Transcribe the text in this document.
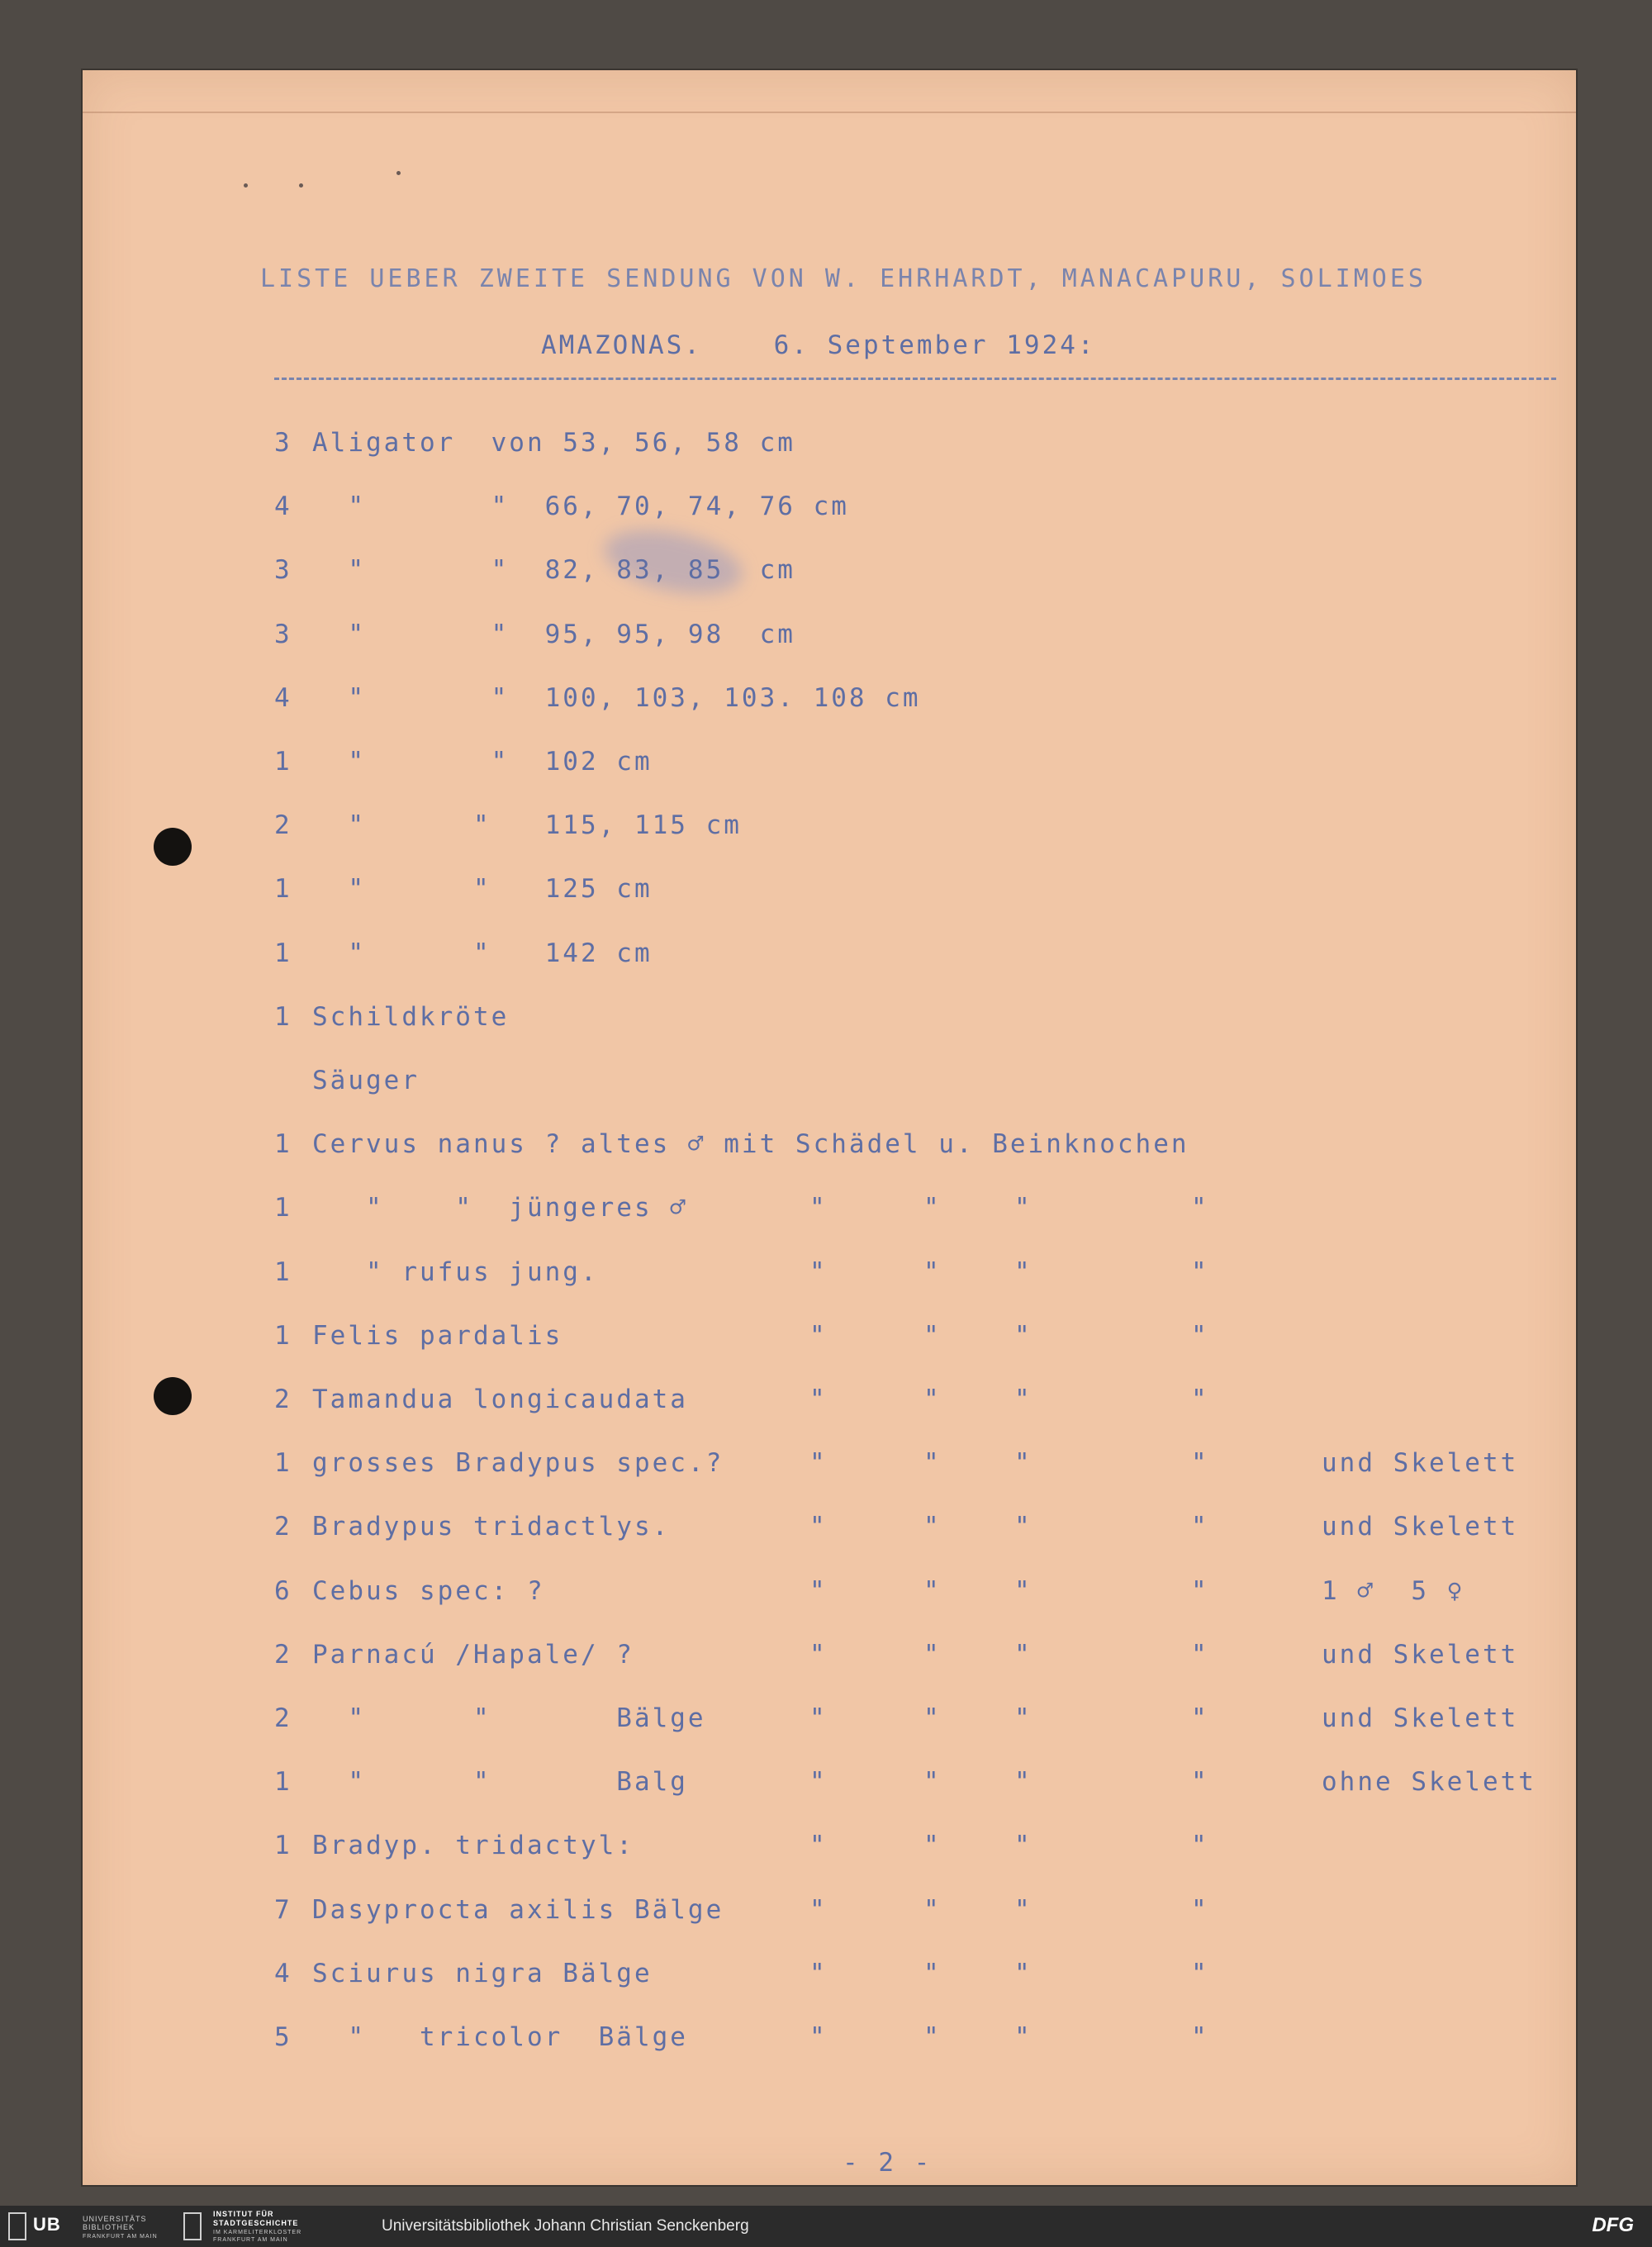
LISTE UEBER ZWEITE SENDUNG VON W. EHRHARDT, MANACAPURU, SOLIMOES
AMAZONAS.    6. September 1924:
3 Aligator  von 53, 56, 58 cm
4 "       "  66, 70, 74, 76 cm
3 "       "  82, 83, 85  cm
3 "       "  95, 95, 98  cm
4 "       "  100, 103, 103. 108 cm
1 "       "  102 cm
2 "      "   115, 115 cm
1 "      "   125 cm
1 "      "   142 cm
1 Schildkröte
Säuger
1 Cervus nanus ? altes ♂ mit Schädel u. Beinknochen
1 "    "  jüngeres ♂	"	"	"	"
1 " rufus jung.	"	"	"	"
1 Felis pardalis	"	"	"	"
2 Tamandua longicaudata	"	"	"	"
1 grosses Bradypus spec.?	"	"	"	"	und Skelett
2 Bradypus tridactlys.	"	"	"	"	und Skelett
6 Cebus spec: ?	"	"	"	"	1 ♂  5 ♀
2 Parnacú /Hapale/ ?	"	"	"	"	und Skelett
2 "      "       Bälge	"	"	"	"	und Skelett
1 "      "       Balg	"	"	"	"	ohne Skelett
1 Bradyp. tridactyl:	"	"	"	"
7 Dasyprocta axilis Bälge	"	"	"	"
4 Sciurus nigra Bälge	"	"	"	"
5 "   tricolor  Bälge	"	"	"	"
- 2 -
UB	UNIVERSITÄTS BIBLIOTHEK
FRANKFURT AM MAIN
INSTITUT FÜR
STADTGESCHICHTE
IM KARMELITERKLOSTER
FRANKFURT AM MAIN
Universitätsbibliothek Johann Christian Senckenberg	DFG
